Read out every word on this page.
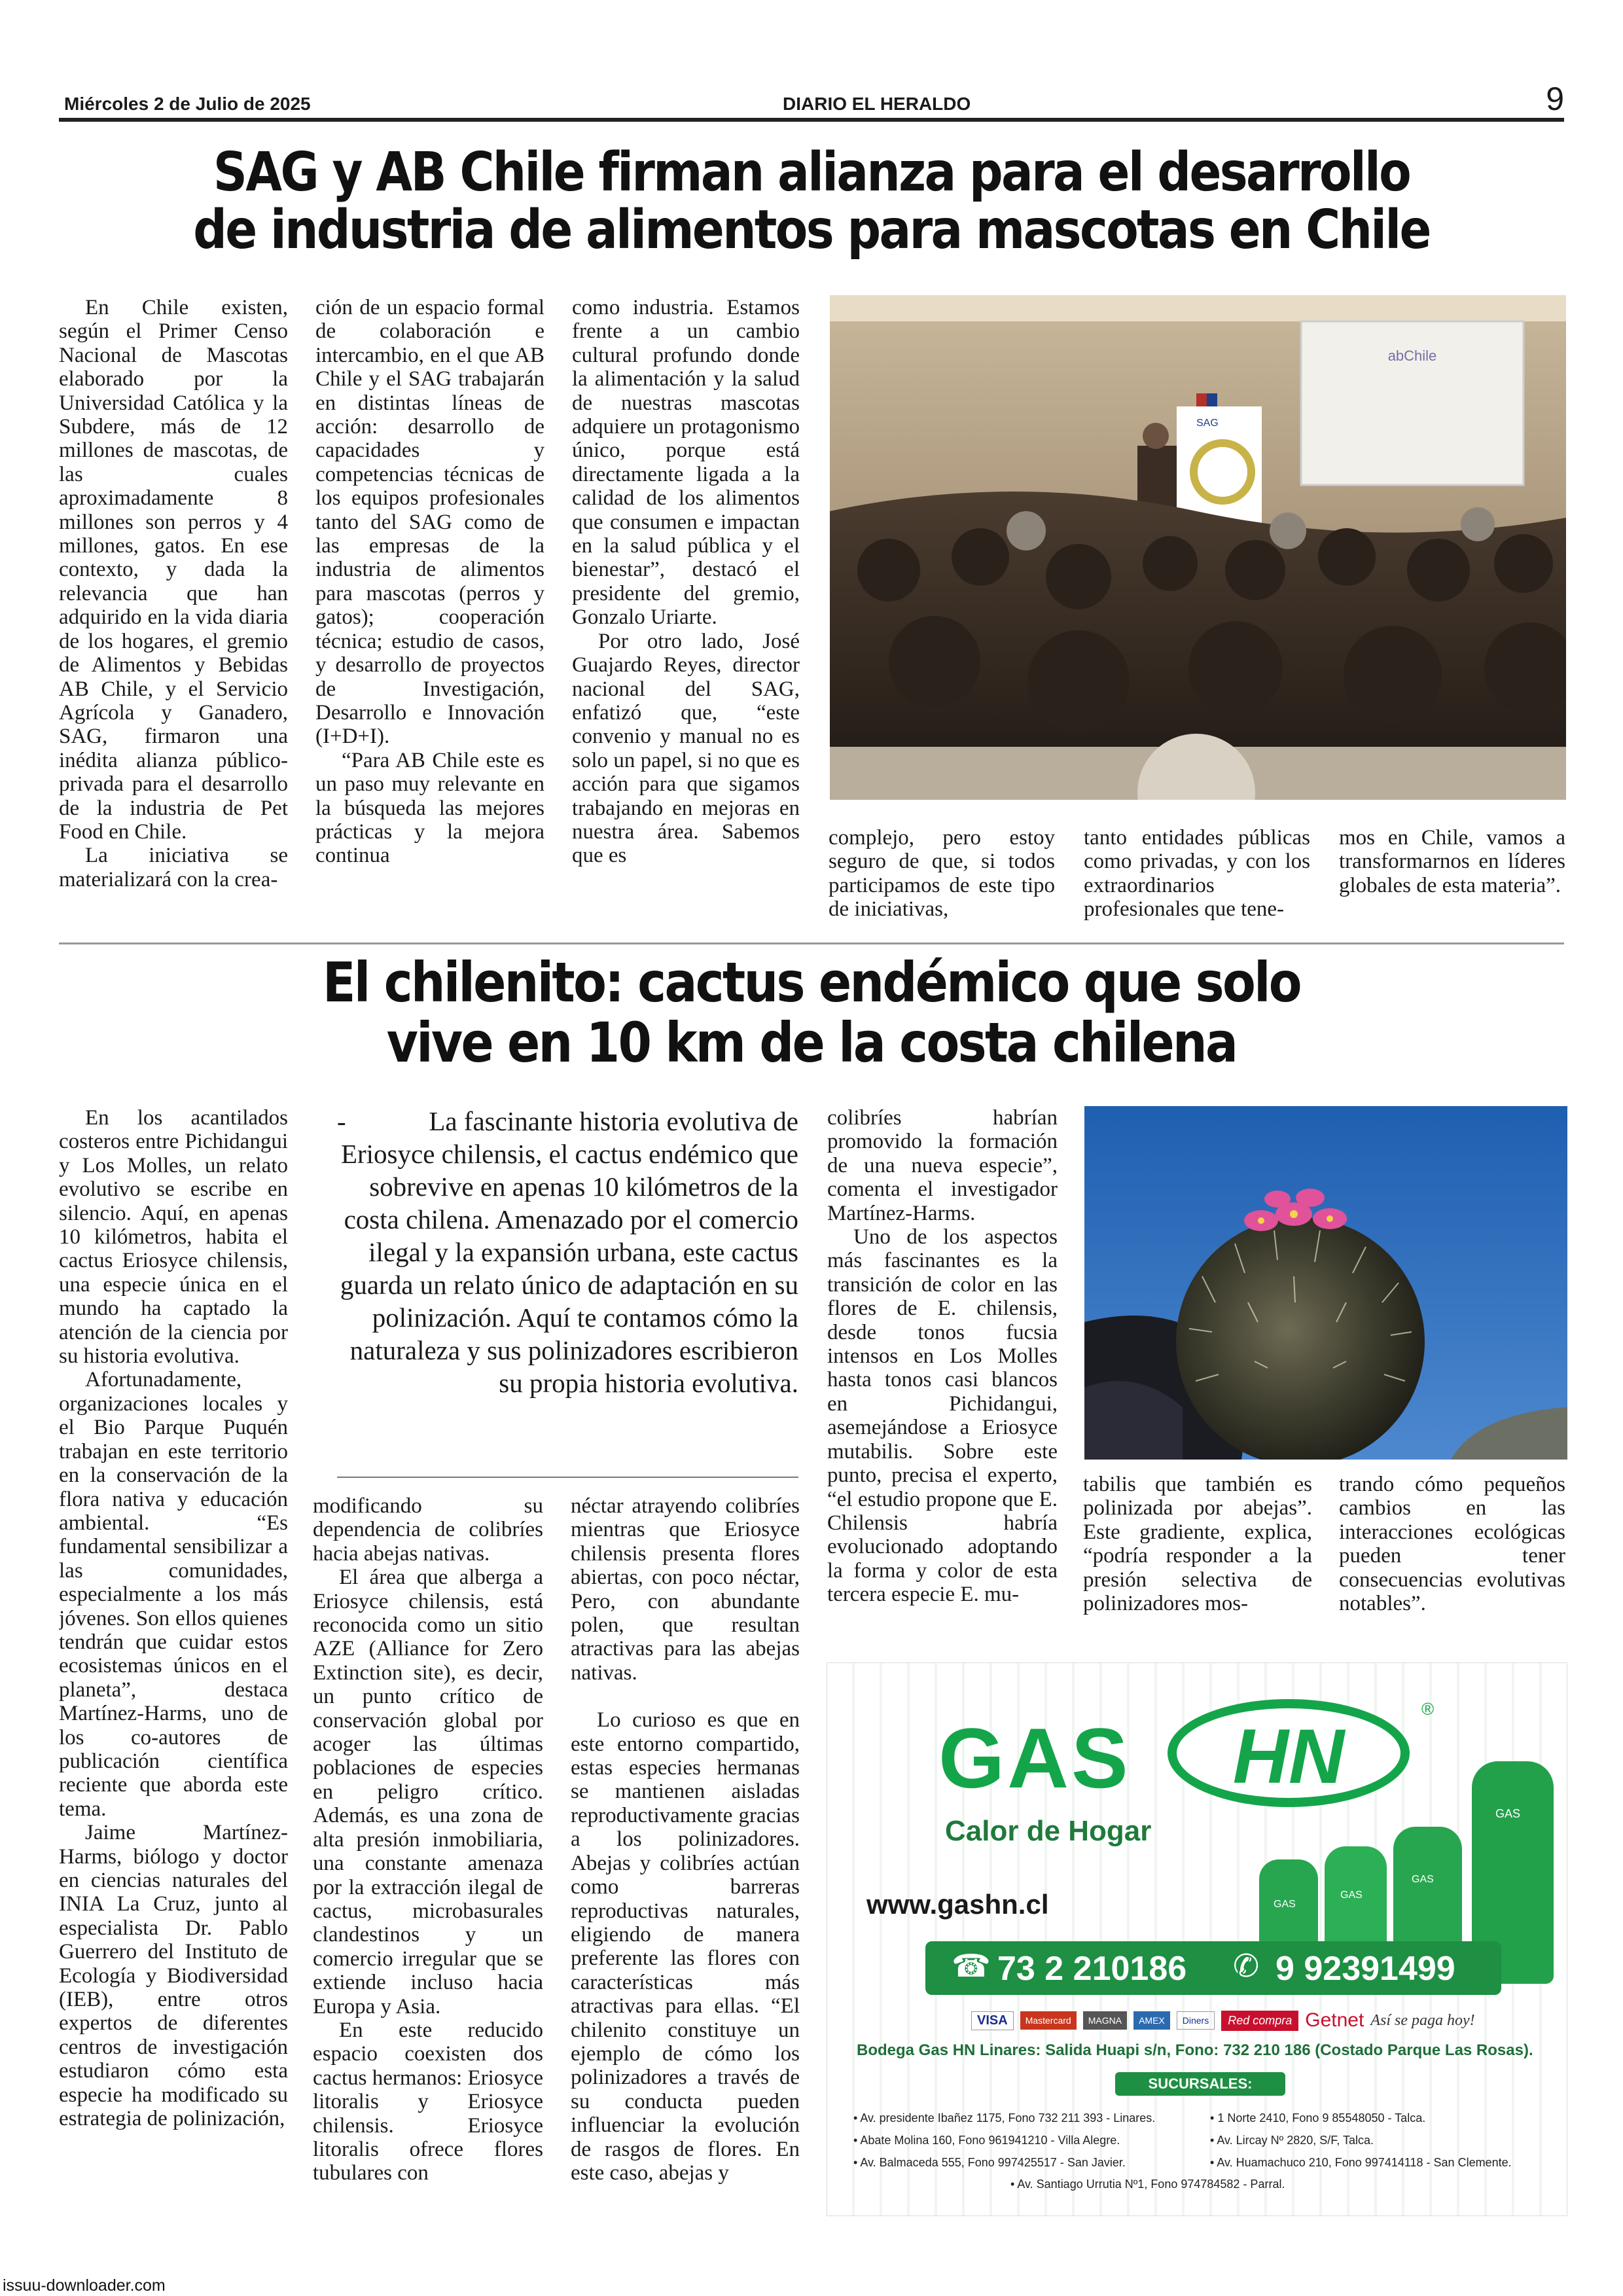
Miércoles 2 de Julio de 2025	DIARIO EL HERALDO	9
SAG y AB Chile firman alianza para el desarrollo
de industria de alimentos para mascotas en Chile

En Chile existen, según el Primer Censo Nacional de Mascotas elaborado por la Universidad Católica y la Subdere, más de 12 millones de mascotas, de las cuales aproximadamente 8 millones son perros y 4 millones, gatos. En ese contexto, y dada la relevancia que han adquirido en la vida diaria de los hogares, el gremio de Alimentos y Bebidas AB Chile, y el Servicio Agrícola y Ganadero, SAG, firmaron una inédita alianza público-privada para el desarrollo de la industria de Pet Food en Chile.

La iniciativa se materializará con la crea-

ción de un espacio formal de colaboración e intercambio, en el que AB Chile y el SAG trabajarán en distintas líneas de acción: desarrollo de capacidades y competencias técnicas de los equipos profesionales tanto del SAG como de las empresas de la industria de alimentos para mascotas (perros y gatos); cooperación técnica; estudio de casos, y desarrollo de proyectos de Investigación, Desarrollo e Innovación (I+D+I).

“Para AB Chile este es un paso muy relevante en la búsqueda las mejores prácticas y la mejora continua

como industria. Estamos frente a un cambio cultural profundo donde la alimentación y la salud de nuestras mascotas adquiere un protagonismo único, porque está directamente ligada a la calidad de los alimentos que consumen e impactan en la salud pública y el bienestar”, destacó el presidente del gremio, Gonzalo Uriarte.

Por otro lado, José Guajardo Reyes, director nacional del SAG, enfatizó que, “este convenio y manual no es solo un papel, si no que es acción para que sigamos trabajando en mejoras en nuestra área. Sabemos que es

abChile
SAG

complejo, pero estoy seguro de que, si todos participamos de este tipo de iniciativas,

tanto entidades públicas como privadas, y con los extraordinarios profesionales que tene-

mos en Chile, vamos a transformarnos en líderes globales de esta materia”.

El chilenito: cactus endémico que solo
vive en 10 km de la costa chilena
-	La fascinante historia evolutiva de Eriosyce chilensis, el cactus endémico que sobrevive en apenas 10 kilómetros de la costa chilena. Amenazado por el comercio ilegal y la expansión urbana, este cactus guarda un relato único de adaptación en su polinización. Aquí te contamos cómo la naturaleza y sus polinizadores escribieron su propia historia evolutiva.

En los acantilados costeros entre Pichidangui y Los Molles, un relato evolutivo se escribe en silencio. Aquí, en apenas 10 kilómetros, habita el cactus Eriosyce chilensis, una especie única en el mundo ha captado la atención de la ciencia por su historia evolutiva.

Afortunadamente, organizaciones locales y el Bio Parque Puquén trabajan en este territorio en la conservación de la flora nativa y educación ambiental. “Es fundamental sensibilizar a las comunidades, especialmente a los más jóvenes. Son ellos quienes tendrán que cuidar estos ecosistemas únicos en el planeta”, destaca Martínez-Harms, uno de los co-autores de publicación científica reciente que aborda este tema.

Jaime Martínez-Harms, biólogo y doctor en ciencias naturales del INIA La Cruz, junto al especialista Dr. Pablo Guerrero del Instituto de Ecología y Biodiversidad (IEB), entre otros expertos de diferentes centros de investigación estudiaron cómo esta especie ha modificado su estrategia de polinización,

modificando su dependencia de colibríes hacia abejas nativas.

El área que alberga a Eriosyce chilensis, está reconocida como un sitio AZE (Alliance for Zero Extinction site), es decir, un punto crítico de conservación global por acoger las últimas poblaciones de especies en peligro crítico. Además, es una zona de alta presión inmobiliaria, una constante amenaza por la extracción ilegal de cactus, microbasurales clandestinos y un comercio irregular que se extiende incluso hacia Europa y Asia.

En este reducido espacio coexisten dos cactus hermanos: Eriosyce litoralis y Eriosyce chilensis. Eriosyce litoralis ofrece flores tubulares con

néctar atrayendo colibríes mientras que Eriosyce chilensis presenta flores abiertas, con poco néctar, Pero, con abundante polen, que resultan atractivas para las abejas nativas.

Lo curioso es que en este entorno compartido, estas especies hermanas se mantienen aisladas reproductivamente gracias a los polinizadores. Abejas y colibríes actúan como barreras reproductivas naturales, eligiendo de manera preferente las flores con características más atractivas para ellas. “El chilenito constituye un ejemplo de cómo los polinizadores a través de su conducta pueden influenciar la evolución de rasgos de flores. En este caso, abejas y

colibríes habrían promovido la formación de una nueva especie”, comenta el investigador Martínez-Harms.

Uno de los aspectos más fascinantes es la transición de color en las flores de E. chilensis, desde tonos fucsia intensos en Los Molles hasta tonos casi blancos en Pichidangui, asemejándose a Eriosyce mutabilis. Sobre este punto, precisa el experto, “el estudio propone que E. Chilensis habría evolucionado adoptando la forma y color de esta tercera especie E. mu-

tabilis que también es polinizada por abejas”. Este gradiente, explica, “podría responder a la presión selectiva de polinizadores mos-

trando cómo pequeños cambios en las interacciones ecológicas pueden tener consecuencias evolutivas notables”.

GAS	HN
®
Calor de Hogar
GAS
GAS
GAS
GAS
www.gashn.cl
☎ 73 2 210186 ✆ 9 92391499
VISA	Mastercard	MAGNA	AMEX	Diners	Red compra Getnet Así se paga hoy!
Bodega Gas HN Linares: Salida Huapi s/n, Fono: 732 210 186 (Costado Parque Las Rosas).
SUCURSALES:
• Av. presidente Ibañez 1175, Fono 732 211 393 - Linares.
• Abate Molina 160, Fono 961941210 - Villa Alegre.
• Av. Balmaceda 555, Fono 997425517 - San Javier.
• 1 Norte 2410, Fono 9 85548050 - Talca.
• Av. Lircay Nº 2820, S/F, Talca.
• Av. Huamachuco 210, Fono 997414118 - San Clemente.
• Av. Santiago Urrutia Nº1, Fono 974784582 - Parral.
issuu-downloader.com
